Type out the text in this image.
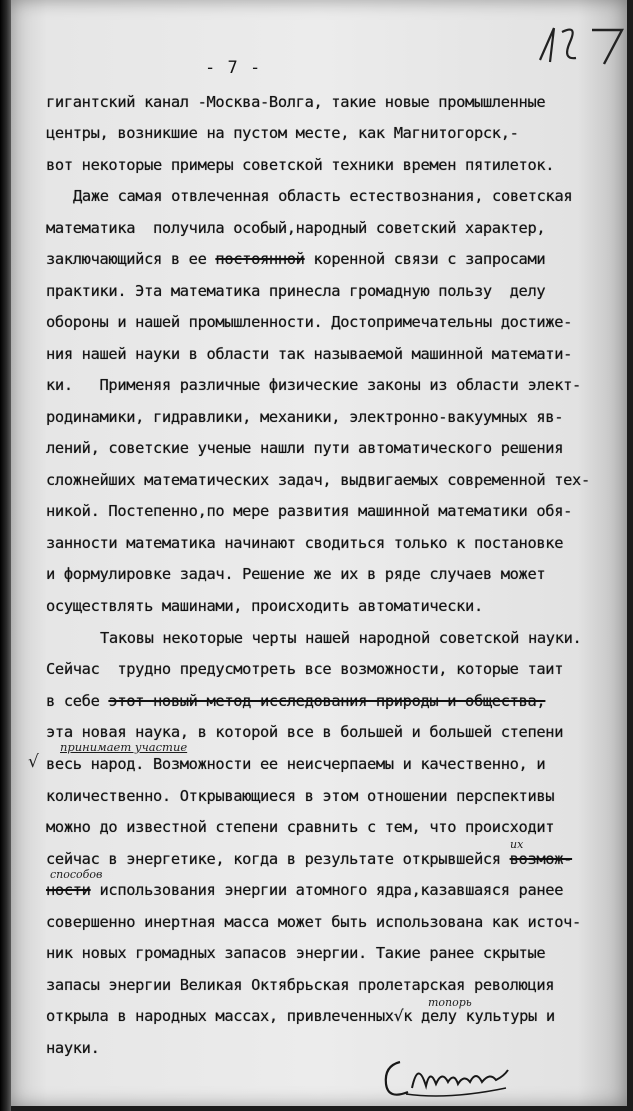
- 7 -
гигантский канал -Москва-Волга, такие новые промышленные
центры, возникшие на пустом месте, как Магнитогорск,-
вот некоторые примеры советской техники времен пятилеток.
Даже самая отвлеченная область естествознания, советская
математика  получила особый,народный советский характер,
заключающийся в ее постоянной коренной связи с запросами
практики. Эта математика принесла громадную пользу  делу
обороны и нашей промышленности. Достопримечательны достиже-
ния нашей науки в области так называемой машинной математи-
ки.   Применяя различные физические законы из области элект-
родинамики, гидравлики, механики, электронно-вакуумных яв-
лений, советские ученые нашли пути автоматического решения
сложнейших математических задач, выдвигаемых современной тех-
никой. Постепенно,по мере развития машинной математики обя-
занности математика начинают сводиться только к постановке
и формулировке задач. Решение же их в ряде случаев может
осуществлять машинами, происходить автоматически.
Таковы некоторые черты нашей народной советской науки.
Сейчас  трудно предусмотреть все возможности, которые таит
в себе этот новый метод исследования природы и общества,
эта новая наука, в которой все в большей и большей степени
весь народ. Возможности ее неисчерпаемы и качественно, и
количественно. Открывающиеся в этом отношении перспективы
можно до известной степени сравнить с тем, что происходит
сейчас в энергетике, когда в результате открывшейся возмож-
ности использования энергии атомного ядра,казавшаяся ранее
совершенно инертная масса может быть использована как источ-
ник новых громадных запасов энергии. Такие ранее скрытые
запасы энергии Великая Октябрьская пролетарская революция
открыла в народных массах, привлеченных√к делу культуры и
науки.
принимает участие
√
их
способов
топорь
